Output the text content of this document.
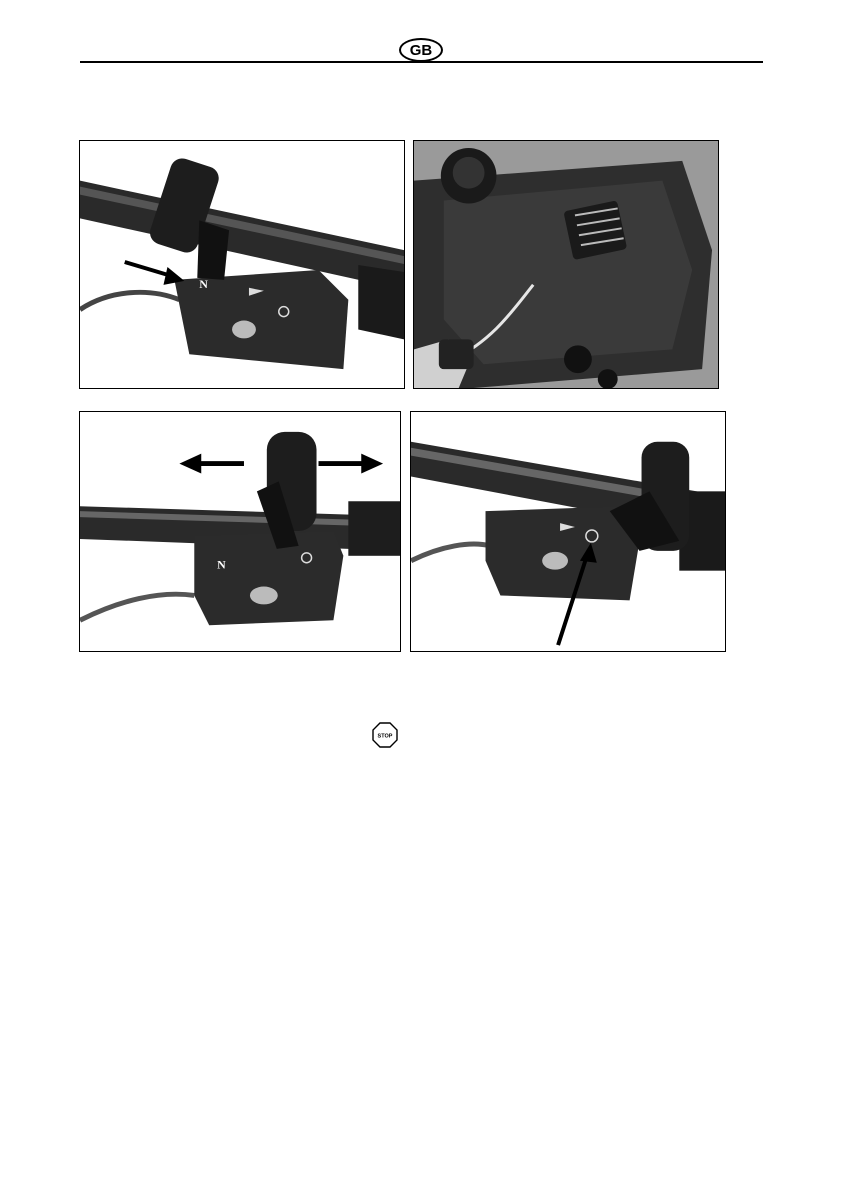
GB
N
N
STOP
